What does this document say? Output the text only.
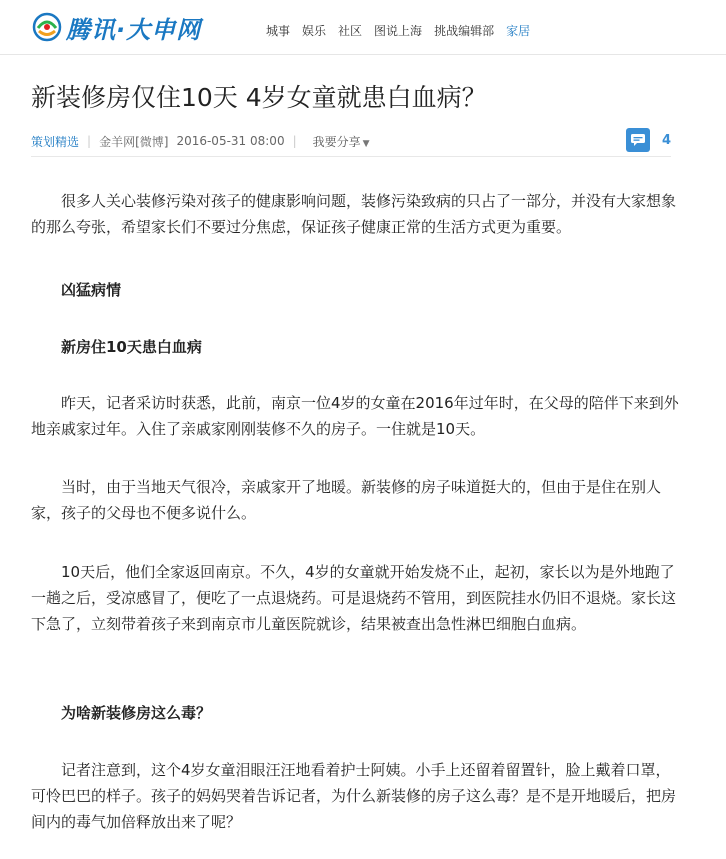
腾讯·大申网	城事 娱乐 社区 图说上海 挑战编辑部 家居
新装修房仅住10天 4岁女童就患白血病？
策划精选 | 金羊网[微博] 2016-05-31 08:00 | 我要分享 ▼	4

很多人关心装修污染对孩子的健康影响问题，装修污染致病的只占了一部分，并没有大家想象的那么夸张，希望家长们不要过分焦虑，保证孩子健康正常的生活方式更为重要。

凶猛病情

新房住10天患白血病

昨天，记者采访时获悉，此前，南京一位4岁的女童在2016年过年时，在父母的陪伴下来到外地亲戚家过年。入住了亲戚家刚刚装修不久的房子。一住就是10天。

当时，由于当地天气很冷，亲戚家开了地暖。新装修的房子味道挺大的，但由于是住在别人家，孩子的父母也不便多说什么。

10天后，他们全家返回南京。不久，4岁的女童就开始发烧不止，起初，家长以为是外地跑了一趟之后，受凉感冒了，便吃了一点退烧药。可是退烧药不管用，到医院挂水仍旧不退烧。家长这下急了，立刻带着孩子来到南京市儿童医院就诊，结果被查出急性淋巴细胞白血病。

为啥新装修房这么毒？

记者注意到，这个4岁女童泪眼汪汪地看着护士阿姨。小手上还留着留置针，脸上戴着口罩，可怜巴巴的样子。孩子的妈妈哭着告诉记者，为什么新装修的房子这么毒？是不是开地暖后，把房间内的毒气加倍释放出来了呢？
